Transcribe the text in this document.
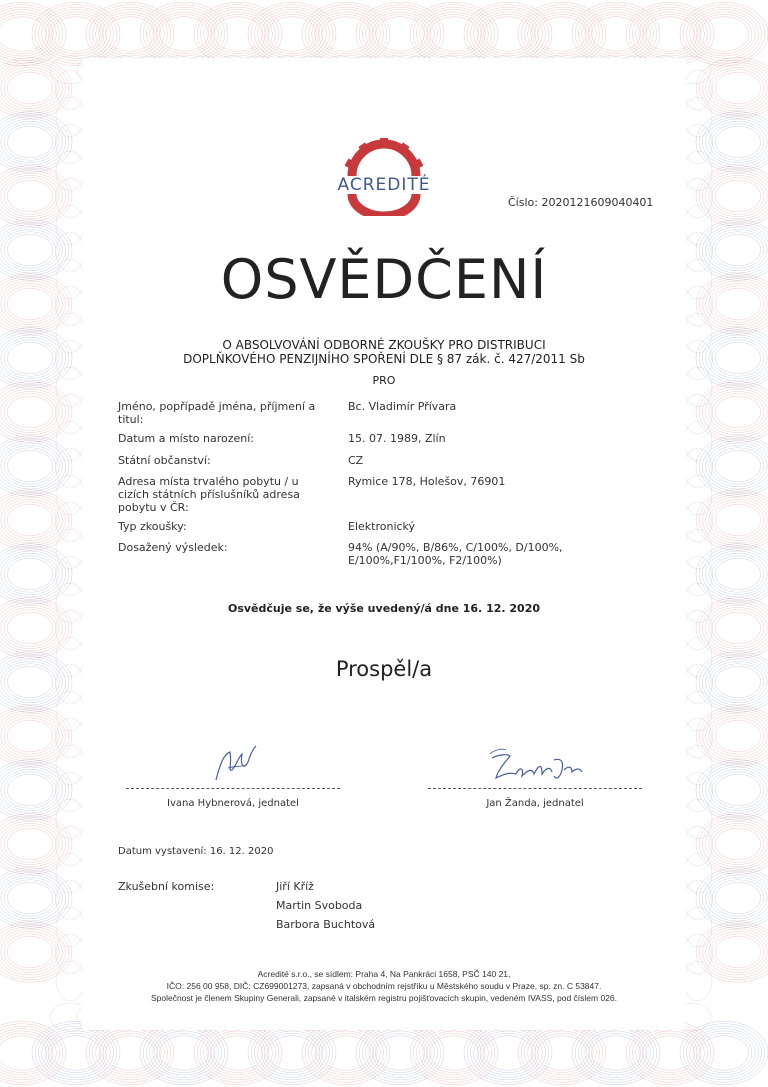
ACREDITÉ
Číslo: 2020121609040401
OSVĚDČENÍ
O ABSOLVOVÁNÍ ODBORNÉ ZKOUŠKY PRO DISTRIBUCI
DOPLŇKOVÉHO PENZIJNÍHO SPOŘENÍ DLE § 87 zák. č. 427/2011 Sb
PRO
Jméno, popřípadě jména, příjmení a titul:
Bc. Vladimír Přívara
Datum a místo narození:	15. 07. 1989, Zlín
Státní občanství:	CZ
Adresa místa trvalého pobytu / u cizích státních příslušníků adresa pobytu v ČR:
Rymice 178, Holešov, 76901
Typ zkoušky:	Elektronický
Dosažený výsledek:	94% (A/90%, B/86%, C/100%, D/100%, E/100%,F1/100%, F2/100%)
Osvědčuje se, že výše uvedený/á dne 16. 12. 2020
Prospěl/a
Ivana Hybnerová, jednatel	Jan Žanda, jednatel
Datum vystavení: 16. 12. 2020
Zkušební komise:	Jiří Kříž
Martin Svoboda
Barbora Buchtová
Acredité s.r.o., se sídlem: Praha 4, Na Pankráci 1658, PSČ 140 21,
IČO: 256 00 958, DIČ: CZ699001273, zapsaná v obchodním rejstříku u Městského soudu v Praze, sp. zn. C 53847.
Společnost je členem Skupiny Generali, zapsané v italském registru pojišťovacích skupin, vedeném IVASS, pod číslem 026.
